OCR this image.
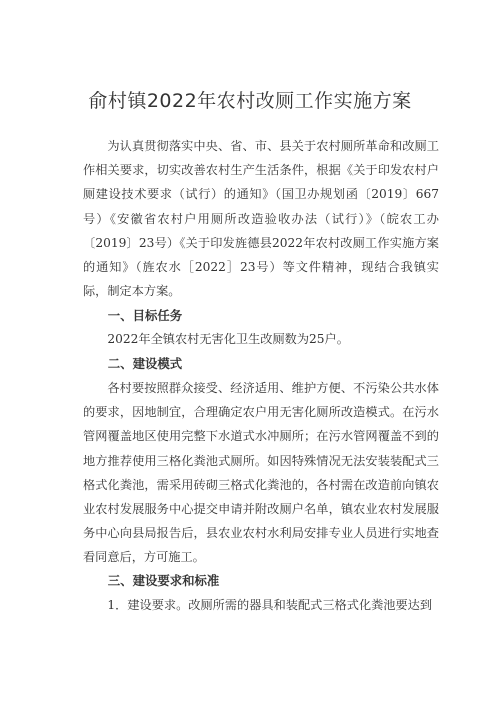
俞村镇2022年农村改厕工作实施方案

为认真贯彻落实中央、省、市、县关于农村厕所革命和改厕工作相关要求，切实改善农村生产生活条件，根据《关于印发农村户厕建设技术要求（试行）的通知》（国卫办规划函〔2019〕667号）《安徽省农村户用厕所改造验收办法（试行）》（皖农工办〔2019〕23号）《关于印发旌德县2022年农村改厕工作实施方案的通知》（旌农水［2022］23号）等文件精神，现结合我镇实际，制定本方案。

一、目标任务

2022年全镇农村无害化卫生改厕数为25户。

二、建设模式

各村要按照群众接受、经济适用、维护方便、不污染公共水体的要求，因地制宜，合理确定农户用无害化厕所改造模式。在污水管网覆盖地区使用完整下水道式水冲厕所；在污水管网覆盖不到的地方推荐使用三格化粪池式厕所。如因特殊情况无法安装装配式三格式化粪池，需采用砖砌三格式化粪池的，各村需在改造前向镇农业农村发展服务中心提交申请并附改厕户名单，镇农业农村发展服务中心向县局报告后，县农业农村水利局安排专业人员进行实地查看同意后，方可施工。

三、建设要求和标准

1．建设要求。改厕所需的器具和装配式三格式化粪池要达到
